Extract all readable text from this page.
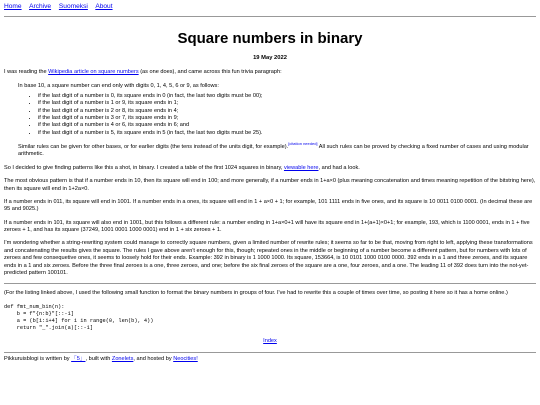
Home Archive Suomeksi About
Square numbers in binary
19 May 2022

I was reading the Wikipedia article on square numbers (as one does), and came across this fun trivia paragraph:

In base 10, a square number can end only with digits 0, 1, 4, 5, 6 or 9, as follows:

• if the last digit of a number is 0, its square ends in 0 (in fact, the last two digits must be 00);
• if the last digit of a number is 1 or 9, its square ends in 1;
• if the last digit of a number is 2 or 8, its square ends in 4;
• if the last digit of a number is 3 or 7, its square ends in 9;
• if the last digit of a number is 4 or 6, its square ends in 6; and
• if the last digit of a number is 5, its square ends in 5 (in fact, the last two digits must be 25).

Similar rules can be given for other bases, or for earlier digits (the tens instead of the units digit, for example).[citation needed] All such rules can be proved by checking a fixed number of cases and using modular arithmetic.

So I decided to give finding patterns like this a shot, in binary. I created a table of the first 1024 squares in binary, viewable here, and had a look.

The most obvious pattern is that if a number ends in 10, then its square will end in 100; and more generally, if a number ends in 1+a×0 (plus meaning concatenation and times meaning repetition of the bitstring here), then its square will end in 1+2a×0.

If a number ends in 011, its square will end in 1001. If a number ends in a ones, its square will end in 1 + a×0 + 1; for example, 101 1111 ends in five ones, and its square is 10 0011 0100 0001. (In decimal these are 95 and 9025.)

If a number ends in 101, its square will also end in 1001, but this follows a different rule: a number ending in 1+a×0+1 will have its square end in 1+(a+1)×0+1; for example, 193, which is 1100 0001, ends in 1 + five zeroes + 1, and has its square (37249, 1001 0001 1000 0001) end in 1 + six zeroes + 1.

I'm wondering whether a string-rewriting system could manage to correctly square numbers, given a limited number of rewrite rules; it seems so far to be that, moving from right to left, applying these transformations and concatenating the results gives the square. The rules I gave above aren't enough for this, though; repeated ones in the middle or beginning of a number become a different pattern, but for numbers with lots of zeroes and few consequetive ones, it seems to loosely hold for their ends. Example: 392 in binary is 1 1000 1000. Its square, 153664, is 10 0101 1000 0100 0000. 392 ends in a 1 and three zeroes, and its square ends in a 1 and six zeroes. Before the three final zeroes is a one, three zeroes, and one; before the six final zeroes of the square are a one, four zeroes, and a one. The leading 11 of 392 does turn into the not-yet-predicted pattern 100101.

(For the listing linked above, I used the following small function to format the binary numbers in groups of four. I've had to rewrite this a couple of times over time, so posting it here so it has a home online.)

def fmt_num_bin(n):
b = f"{n:b}"[::-1]
a = (b[i:i+4] for i in range(0, len(b), 4))
return "_".join(a)[::-1]

Index

Pikkuruisblogi is written by 「5」, built with Zonelets, and hosted by Neocities!
